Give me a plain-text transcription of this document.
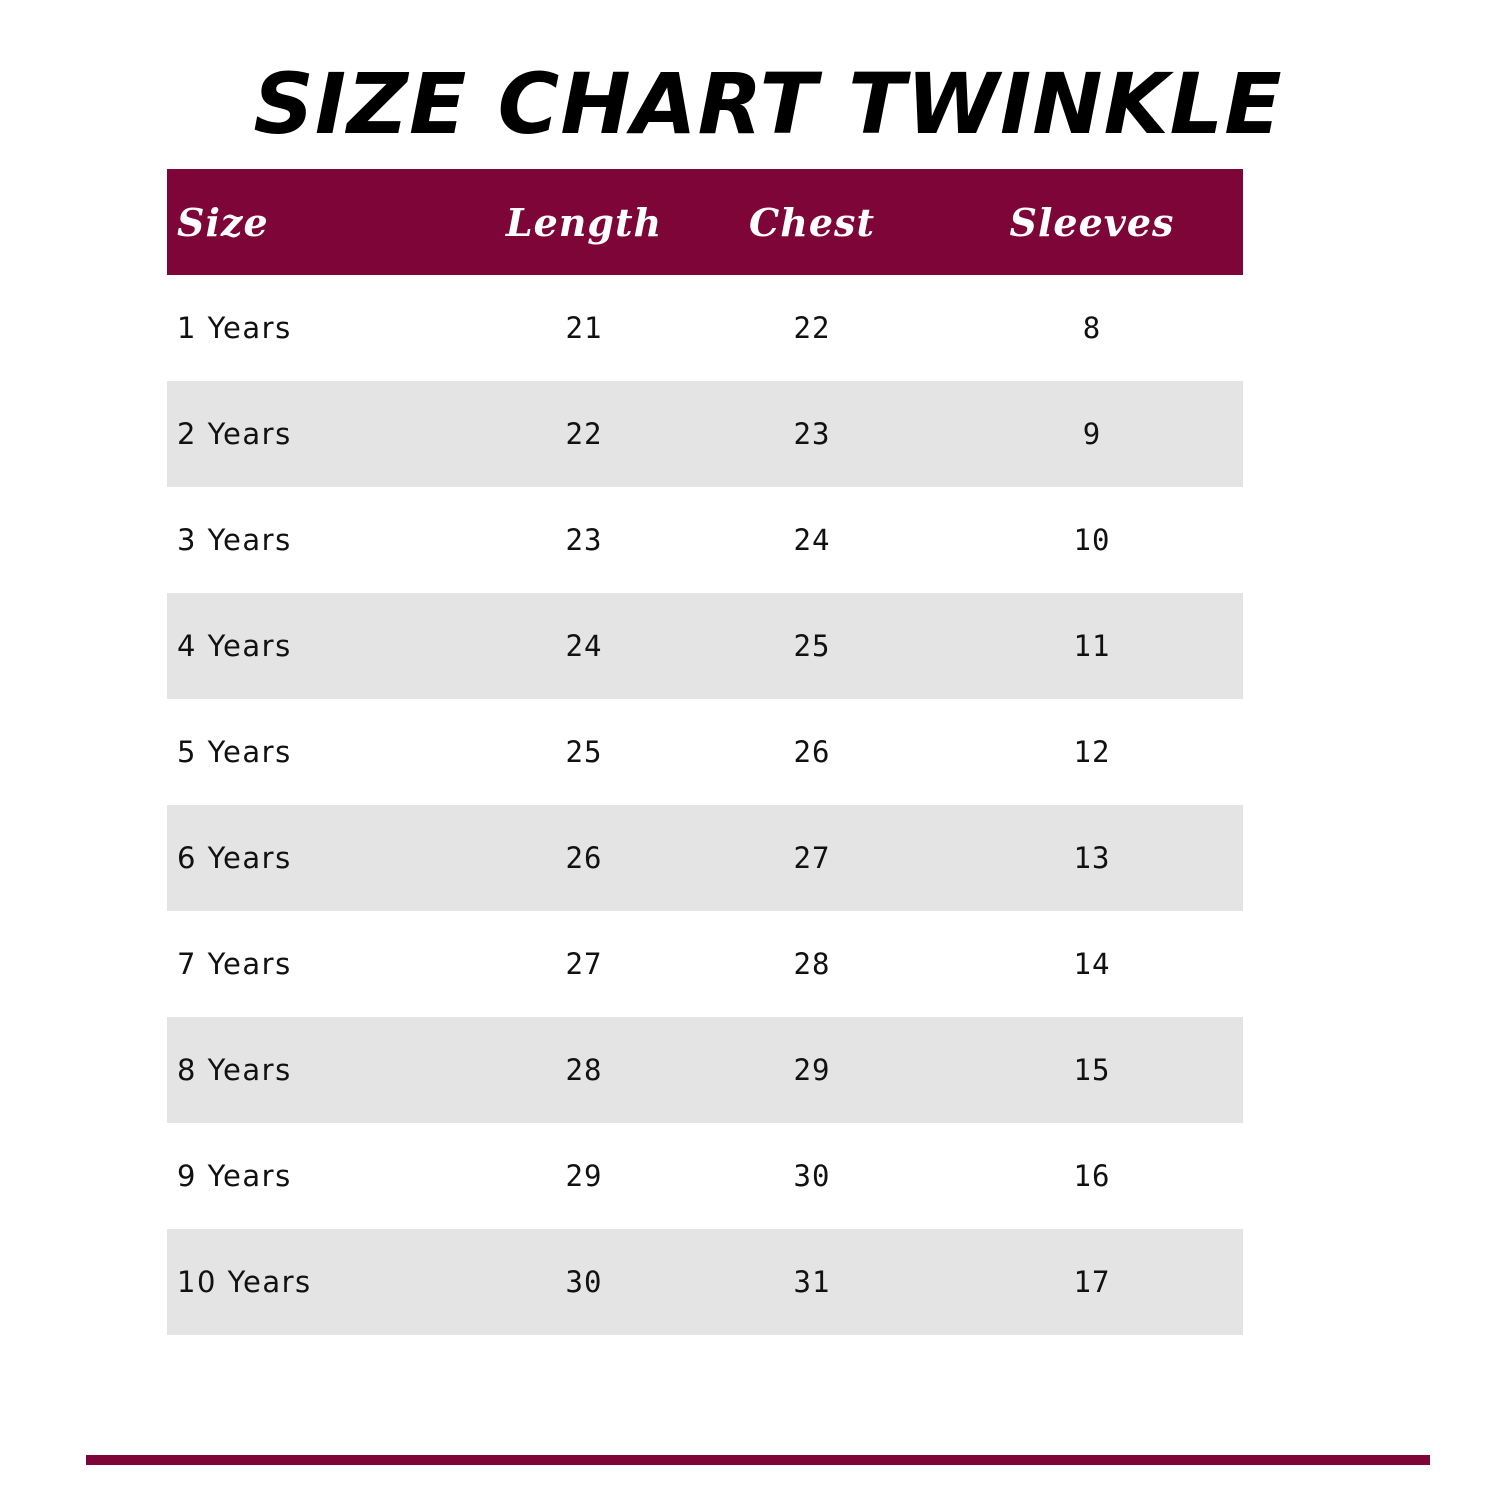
SIZE CHART TWINKLE
Size	Length	Chest	Sleeves
1 Years	21	22	8
2 Years	22	23	9
3 Years	23	24	10
4 Years	24	25	11
5 Years	25	26	12
6 Years	26	27	13
7 Years	27	28	14
8 Years	28	29	15
9 Years	29	30	16
10 Years	30	31	17
